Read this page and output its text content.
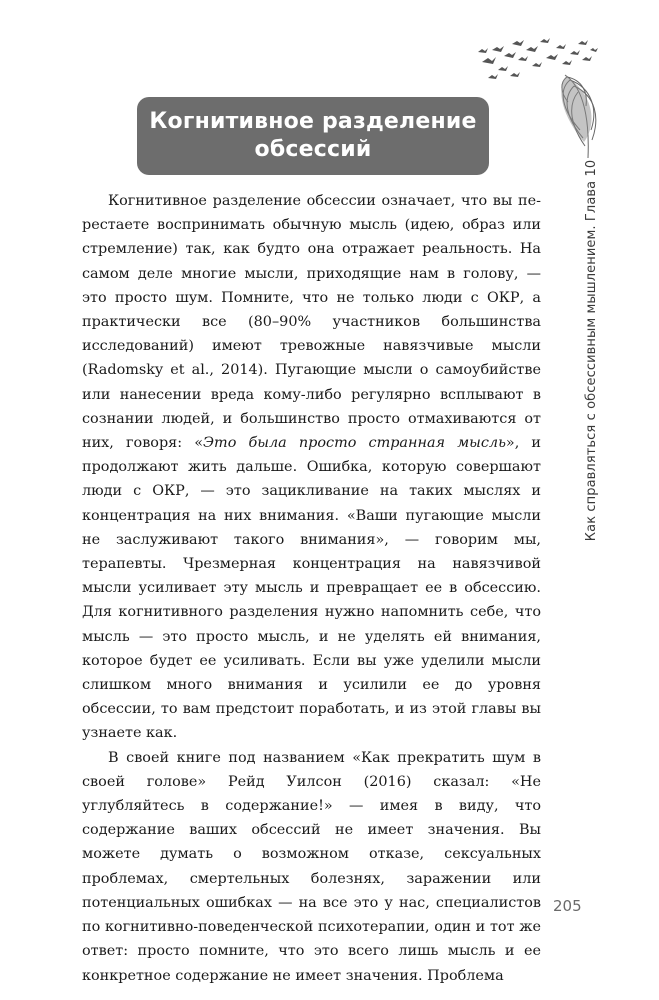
Когнитивное разделение
обсессий

Когнитивное разделение обсессии означает, что вы перестаете воспринимать обычную мысль (идею, образ или стремление) так, как будто она отражает реальность. На самом деле многие мысли, приходящие нам в голову, — это просто шум. Помните, что не только люди с ОКР, а практически все (80–90% участников большинства исследований) имеют тревожные навязчивые мысли (Radomsky et al., 2014). Пугающие мысли о самоубийстве или нанесении вреда кому-либо регулярно всплывают в сознании людей, и большинство просто отмахиваются от них, говоря: «Это была просто странная мысль», и продолжают жить дальше. Ошибка, которую совершают люди с ОКР, — это зацикливание на таких мыслях и концентрация на них внимания. «Ваши пугающие мысли не заслуживают такого внимания», — говорим мы, терапевты. Чрезмерная концентрация на навязчивой мысли усиливает эту мысль и превращает ее в обсессию. Для когнитивного разделения нужно напомнить себе, что мысль — это просто мысль, и не уделять ей внимания, которое будет ее усиливать. Если вы уже уделили мысли слишком много внимания и усилили ее до уровня обсессии, то вам предстоит поработать, и из этой главы вы узнаете как.

В своей книге под названием «Как прекратить шум в своей голове» Рейд Уилсон (2016) сказал: «Не углубляйтесь в содержание!» — имея в виду, что содержание ваших обсессий не имеет значения. Вы можете думать о возможном отказе, сексуальных проблемах, смертельных болезнях, заражении или потенциальных ошибках — на все это у нас, специалистов по когнитивно-поведенческой психотерапии, один и тот же ответ: просто помните, что это всего лишь мысль и ее конкретное содержание не имеет значения. Проблема

Как справляться с обсессивным мышлением. Глава 10
205
